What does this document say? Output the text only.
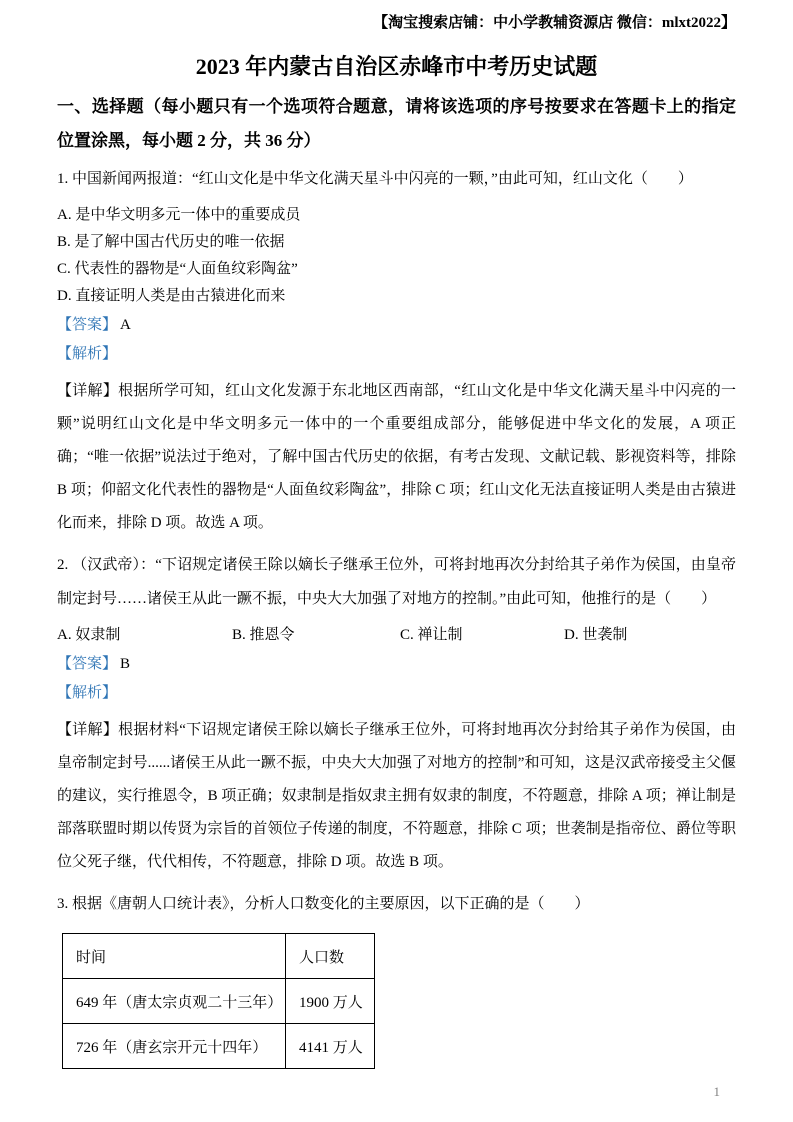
【淘宝搜索店铺：中小学教辅资源店 微信：mlxt2022】

2023 年内蒙古自治区赤峰市中考历史试题

一、选择题（每小题只有一个选项符合题意，请将该选项的序号按要求在答题卡上的指定位置涂黑，每小题 2 分，共 36 分）

1. 中国新闻两报道：“红山文化是中华文化满天星斗中闪亮的一颗，”由此可知，红山文化（　　）

A. 是中华文明多元一体中的重要成员

B. 是了解中国古代历史的唯一依据

C. 代表性的器物是“人面鱼纹彩陶盆”

D. 直接证明人类是由古猿进化而来

【答案】 A

【解析】

【详解】根据所学可知，红山文化发源于东北地区西南部，“红山文化是中华文化满天星斗中闪亮的一颗”说明红山文化是中华文明多元一体中的一个重要组成部分，能够促进中华文化的发展，A 项正确；“唯一依据”说法过于绝对，了解中国古代历史的依据，有考古发现、文献记载、影视资料等，排除 B 项；仰韶文化代表性的器物是“人面鱼纹彩陶盆”，排除 C 项；红山文化无法直接证明人类是由古猿进化而来，排除 D 项。故选 A 项。

2. （汉武帝）：“下诏规定诸侯王除以嫡长子继承王位外，可将封地再次分封给其子弟作为侯国，由皇帝制定封号……诸侯王从此一蹶不振，中央大大加强了对地方的控制。”由此可知，他推行的是（　　）

A. 奴隶制	B. 推恩令	C. 禅让制	D. 世袭制

【答案】 B

【解析】

【详解】根据材料“下诏规定诸侯王除以嫡长子继承王位外，可将封地再次分封给其子弟作为侯国，由皇帝制定封号......诸侯王从此一蹶不振，中央大大加强了对地方的控制”和可知，这是汉武帝接受主父偃的建议，实行推恩令，B 项正确；奴隶制是指奴隶主拥有奴隶的制度，不符题意，排除 A 项；禅让制是部落联盟时期以传贤为宗旨的首领位子传递的制度，不符题意，排除 C 项；世袭制是指帝位、爵位等职位父死子继，代代相传，不符题意，排除 D 项。故选 B 项。

3. 根据《唐朝人口统计表》，分析人口数变化的主要原因，以下正确的是（　　）

时间	人口数
649 年（唐太宗贞观二十三年）	1900 万人
726 年（唐玄宗开元十四年）	4141 万人
1
